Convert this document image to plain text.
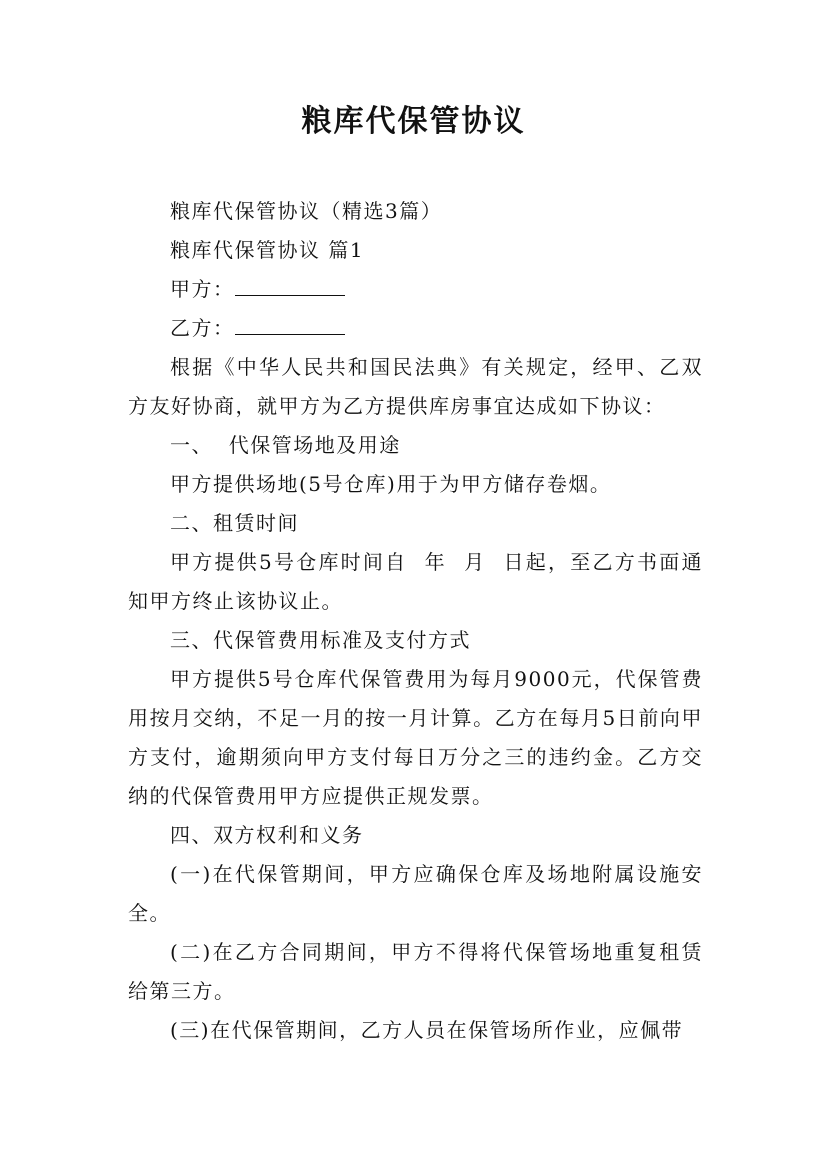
粮库代保管协议

粮库代保管协议（精选3篇）

粮库代保管协议 篇1

甲方：

乙方：

根据《中华人民共和国民法典》有关规定，经甲、乙双方友好协商，就甲方为乙方提供库房事宜达成如下协议：

一、  代保管场地及用途

甲方提供场地(5号仓库)用于为甲方储存卷烟。

二、租赁时间

甲方提供5号仓库时间自  年  月  日起，至乙方书面通知甲方终止该协议止。

三、代保管费用标准及支付方式

甲方提供5号仓库代保管费用为每月9000元，代保管费用按月交纳，不足一月的按一月计算。乙方在每月5日前向甲方支付，逾期须向甲方支付每日万分之三的违约金。乙方交纳的代保管费用甲方应提供正规发票。

四、双方权利和义务

(一)在代保管期间，甲方应确保仓库及场地附属设施安全。

(二)在乙方合同期间，甲方不得将代保管场地重复租赁给第三方。

(三)在代保管期间，乙方人员在保管场所作业，应佩带
